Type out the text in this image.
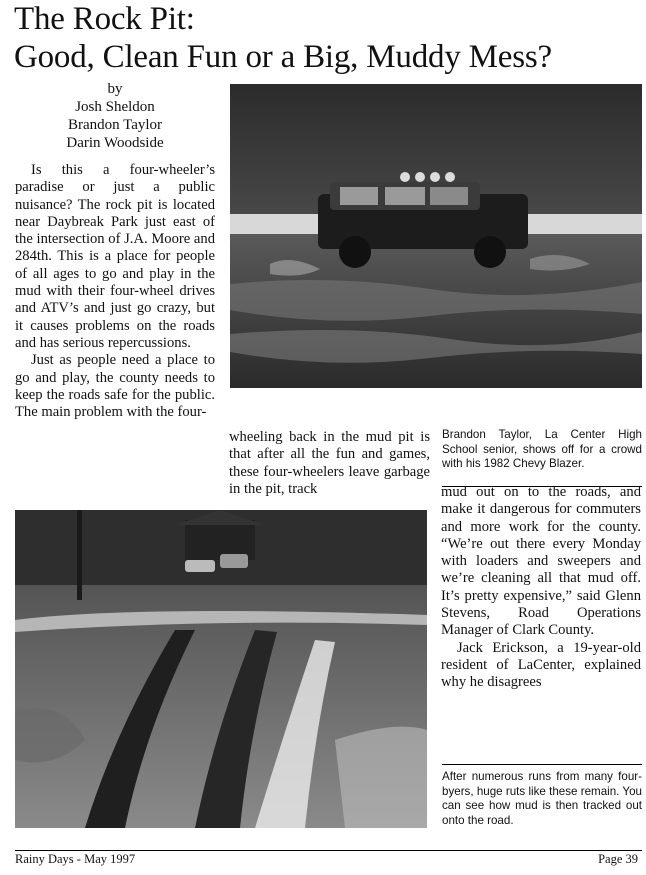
The Rock Pit:
Good, Clean Fun or a Big, Muddy Mess?
by
Josh Sheldon
Brandon Taylor
Darin Woodside

Is this a four-wheeler’s paradise or just a public nuisance? The rock pit is located near Daybreak Park just east of the intersection of J.A. Moore and 284th. This is a place for people of all ages to go and play in the mud with their four-wheel drives and ATV’s and just go crazy, but it causes problems on the roads and has serious repercussions.

Just as people need a place to go and play, the county needs to keep the roads safe for the public. The main problem with the four-

wheeling back in the mud pit is that after all the fun and games, these four-wheelers leave garbage in the pit, track

Brandon Taylor, La Center High School senior, shows off for a crowd with his 1982 Chevy Blazer.

mud out on to the roads, and make it dangerous for commuters and more work for the county. “We’re out there every Monday with loaders and sweepers and we’re cleaning all that mud off. It’s pretty expensive,” said Glenn Stevens, Road Operations Manager of Clark County.

Jack Erickson, a 19-year-old resident of LaCenter, explained why he disagrees

After numerous runs from many four-byers, huge ruts like these remain. You can see how mud is then tracked out onto the road.
Rainy Days - May 1997	Page 39
